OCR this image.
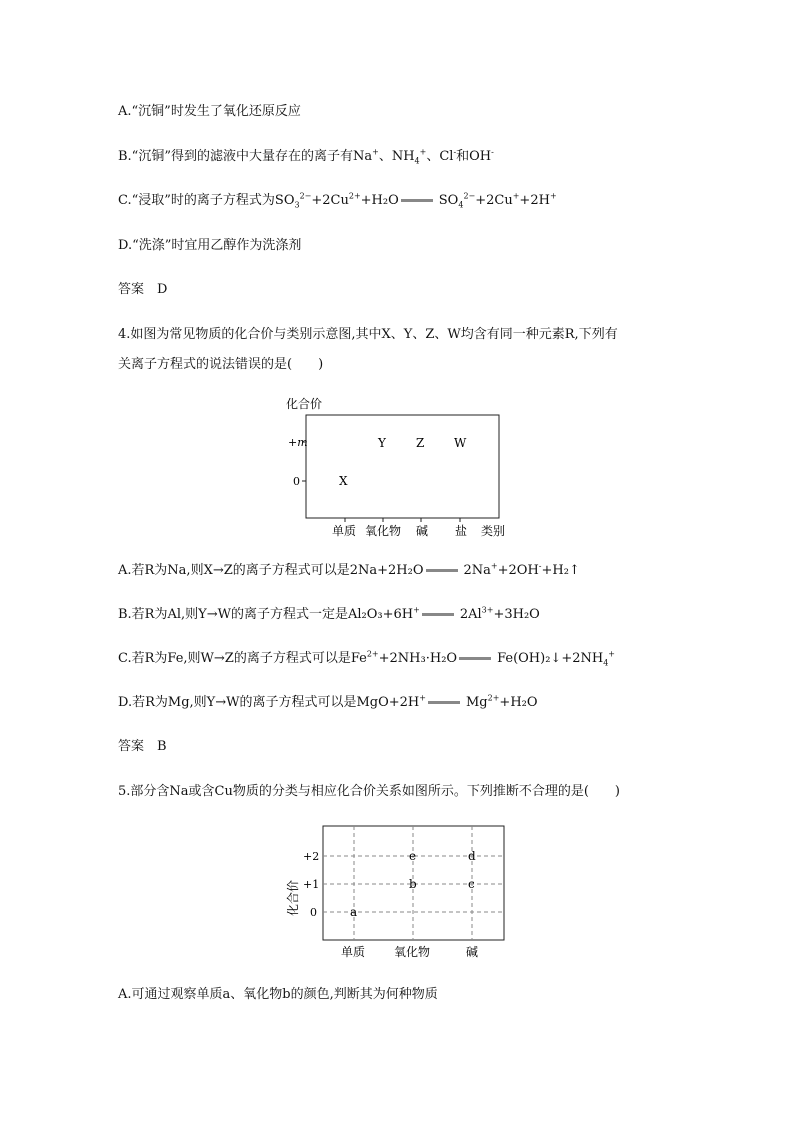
A.“沉铜”时发生了氧化还原反应
B.“沉铜”得到的滤液中大量存在的离子有Na+、$NH_4^+$、Cl-和OH-
C.“浸取”时的离子方程式为$SO_3^{2-}+2Cu^{2+}+H_2O$	$SO_4^{2-}+2Cu^++2H^+$
D.“洗涤”时宜用乙醇作为洗涤剂
答案　D
4.如图为常见物质的化合价与类别示意图,其中X、Y、Z、W均含有同一种元素R,下列有
关离子方程式的说法错误的是(　　)
化合价
+m
0
单质 氧化物 碱 盐 类别
Y	Z W
X
A.若R为Na,则X→Z的离子方程式可以是2Na+2H₂O	2Na++2OH-+H₂↑
B.若R为Al,则Y→W的离子方程式一定是Al₂O₃+6H+	$2Al^{3+}+3H_2O$
C.若R为Fe,则W→Z的离子方程式可以是$Fe^{2+}+2NH_3\cdot H_2O$	$Fe(OH)_2↓+2NH_4^+$
D.若R为Mg,则Y→W的离子方程式可以是MgO+2H+	$Mg^{2+}+H_2O$
答案　B
5.部分含Na或含Cu物质的分类与相应化合价关系如图所示。下列推断不合理的是(　　)
化合价
+2
+1
0
单质 氧化物	碱
e	d
b	c
a
A.可通过观察单质a、氧化物b的颜色,判断其为何种物质
